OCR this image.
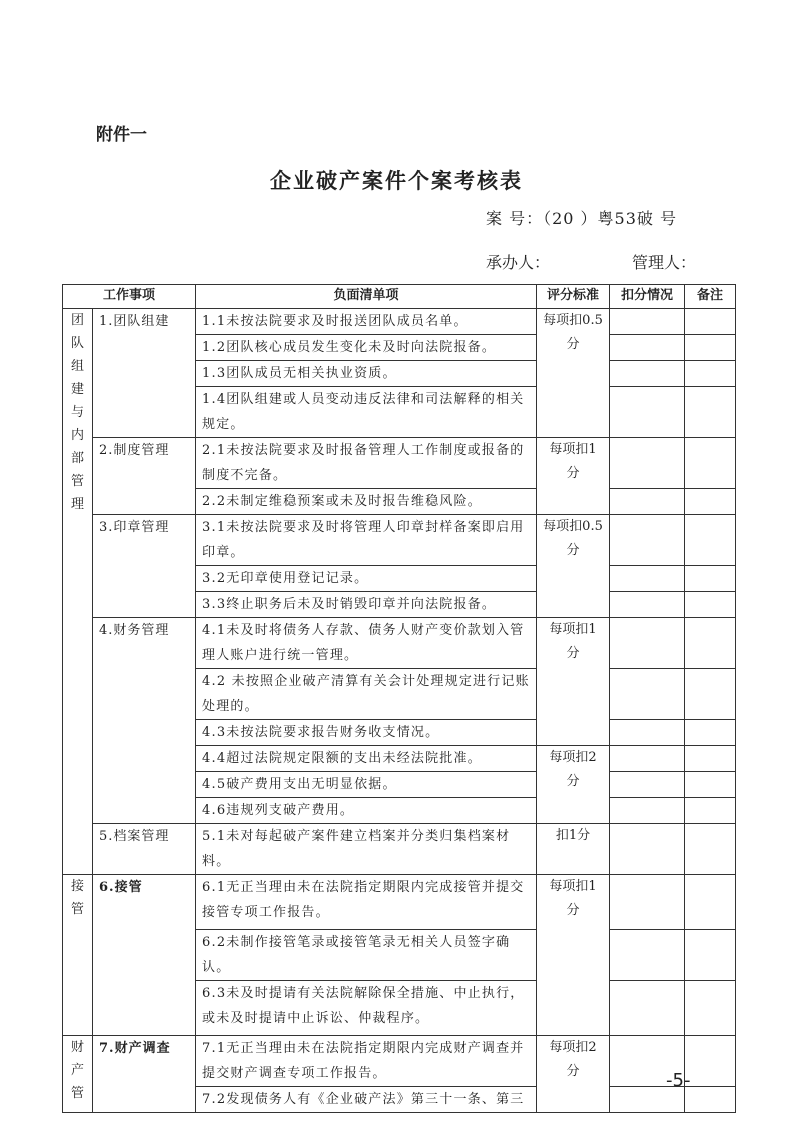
附件一
企业破产案件个案考核表
案 号：（20 ）粤53破 号
承办人：	管理人：
工作事项		负面清单项	评分标准	扣分情况	备注

团队组建与内部管理	1.团队组建	1.1未按法院要求及时报送团队成员名单。	每项扣0.5分		
		1.2团队核心成员发生变化未及时向法院报备。			
		1.3团队成员无相关执业资质。			
		1.4团队组建或人员变动违反法律和司法解释的相关规定。			
	2.制度管理	2.1未按法院要求及时报备管理人工作制度或报备的制度不完备。	每项扣1分		
		2.2未制定维稳预案或未及时报告维稳风险。			
	3.印章管理	3.1未按法院要求及时将管理人印章封样备案即启用印章。	每项扣0.5分		
		3.2无印章使用登记记录。			
		3.3终止职务后未及时销毁印章并向法院报备。			
	4.财务管理	4.1未及时将债务人存款、债务人财产变价款划入管理人账户进行统一管理。	每项扣1分		
		4.2 未按照企业破产清算有关会计处理规定进行记账处理的。			
		4.3未按法院要求报告财务收支情况。			
		4.4超过法院规定限额的支出未经法院批准。	每项扣2分		
		4.5破产费用支出无明显依据。			
		4.6违规列支破产费用。			
	5.档案管理	5.1未对每起破产案件建立档案并分类归集档案材料。	扣1分		

接管	6.接管	6.1无正当理由未在法院指定期限内完成接管并提交接管专项工作报告。	每项扣1分		
		6.2未制作接管笔录或接管笔录无相关人员签字确认。			
		6.3未及时提请有关法院解除保全措施、中止执行，或未及时提请中止诉讼、仲裁程序。			

财产管	7.财产调查	7.1无正当理由未在法院指定期限内完成财产调查并提交财产调查专项工作报告。	每项扣2分		
		7.2发现债务人有《企业破产法》第三十一条、第三			
-5-
